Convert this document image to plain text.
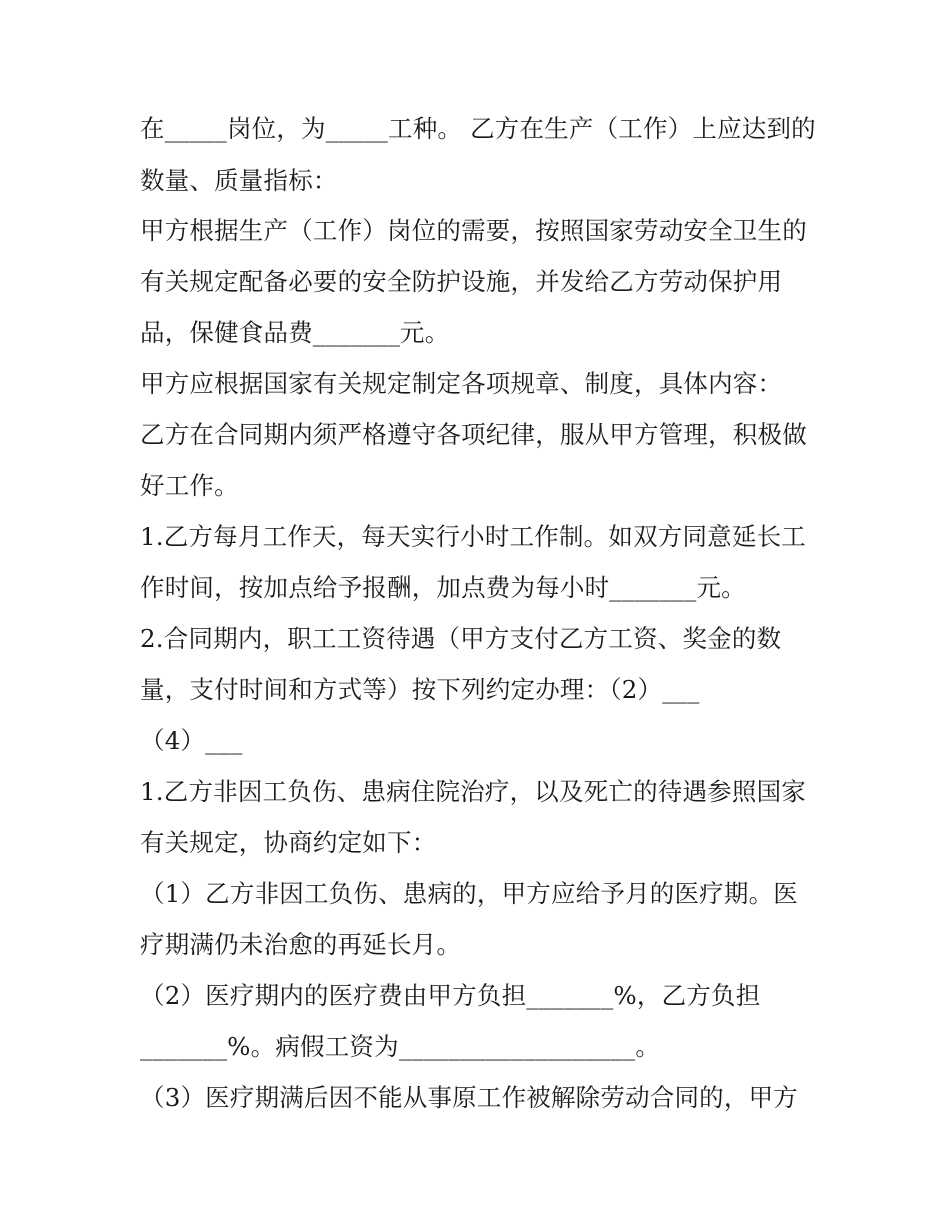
在_____岗位，为_____工种。 乙方在生产（工作）上应达到的

数量、质量指标：

甲方根据生产（工作）岗位的需要，按照国家劳动安全卫生的

有关规定配备必要的安全防护设施，并发给乙方劳动保护用

品，保健食品费_______元。

甲方应根据国家有关规定制定各项规章、制度，具体内容：

乙方在合同期内须严格遵守各项纪律，服从甲方管理，积极做

好工作。

1.乙方每月工作天，每天实行小时工作制。如双方同意延长工

作时间，按加点给予报酬，加点费为每小时_______元。

2.合同期内，职工工资待遇（甲方支付乙方工资、奖金的数

量，支付时间和方式等）按下列约定办理：（2）___

（4）___

1.乙方非因工负伤、患病住院治疗，以及死亡的待遇参照国家

有关规定，协商约定如下：

（1）乙方非因工负伤、患病的，甲方应给予月的医疗期。医

疗期满仍未治愈的再延长月。

（2）医疗期内的医疗费由甲方负担_______%，乙方负担

_______%。病假工资为___________________。

（3）医疗期满后因不能从事原工作被解除劳动合同的，甲方
